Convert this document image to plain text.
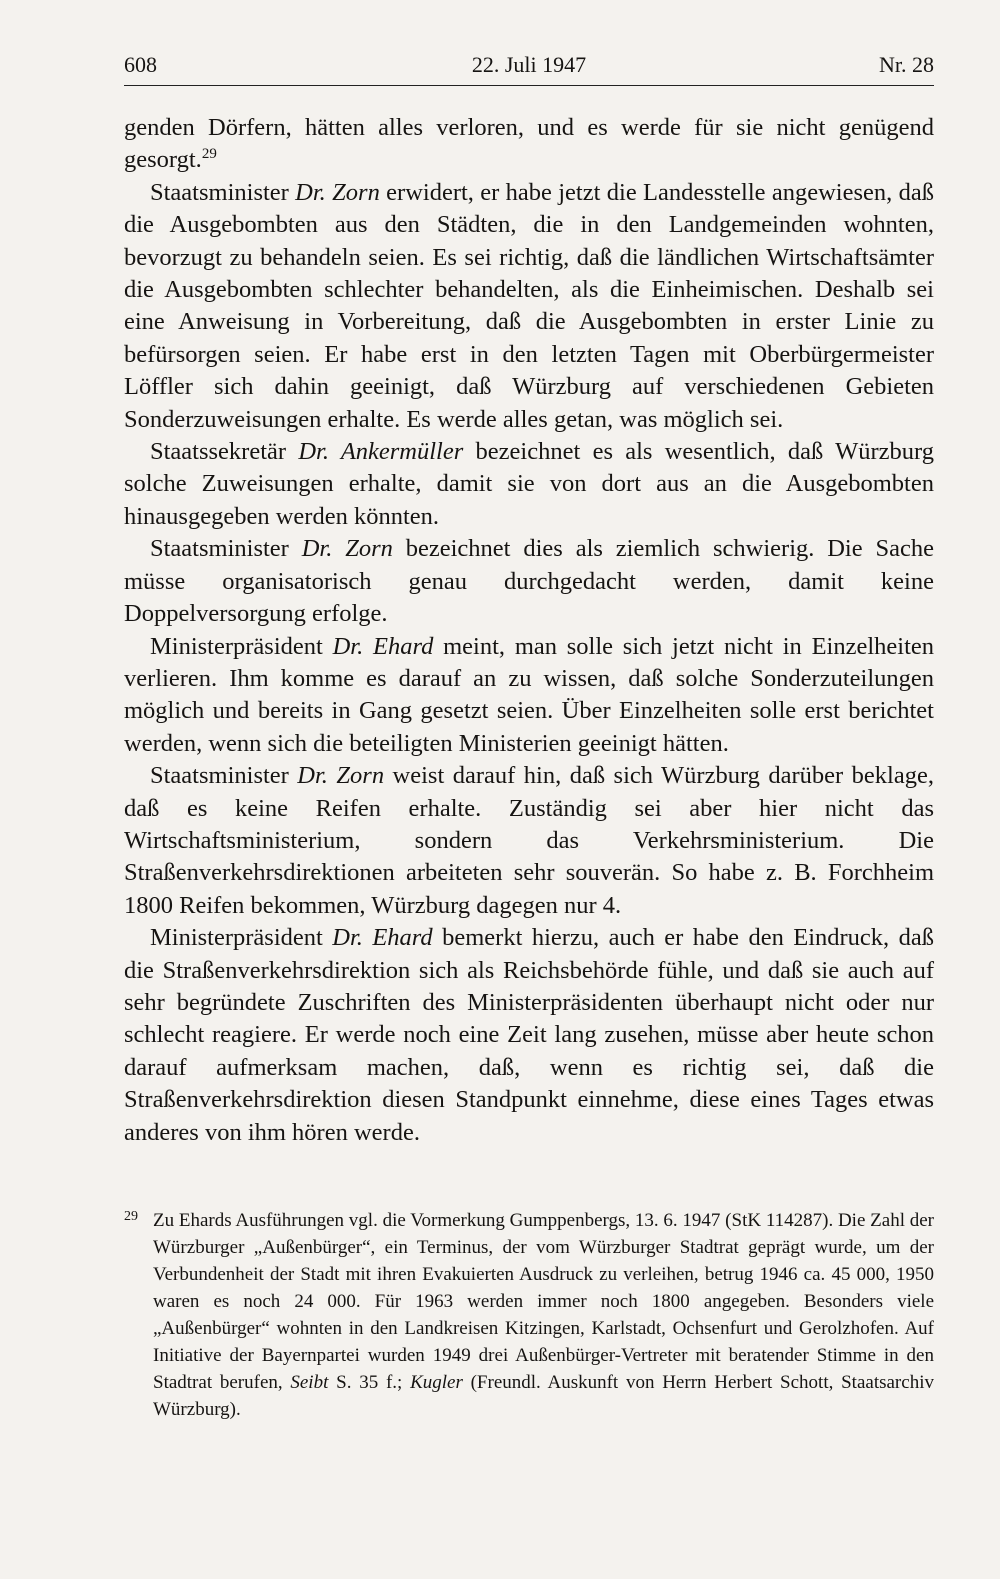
608	22. Juli 1947	Nr. 28

genden Dörfern, hätten alles verloren, und es werde für sie nicht genügend gesorgt.$^{29}$

Staatsminister Dr. Zorn erwidert, er habe jetzt die Landesstelle angewiesen, daß die Ausgebombten aus den Städten, die in den Landgemeinden wohnten, bevorzugt zu behandeln seien. Es sei richtig, daß die ländlichen Wirtschaftsämter die Ausgebombten schlechter behandelten, als die Einheimischen. Deshalb sei eine Anweisung in Vorbereitung, daß die Ausgebombten in erster Linie zu befürsorgen seien. Er habe erst in den letzten Tagen mit Oberbürgermeister Löffler sich dahin geeinigt, daß Würzburg auf verschiedenen Gebieten Sonderzuweisungen erhalte. Es werde alles getan, was möglich sei.

Staatssekretär Dr. Ankermüller bezeichnet es als wesentlich, daß Würzburg solche Zuweisungen erhalte, damit sie von dort aus an die Ausgebombten hinausgegeben werden könnten.

Staatsminister Dr. Zorn bezeichnet dies als ziemlich schwierig. Die Sache müsse organisatorisch genau durchgedacht werden, damit keine Doppelversorgung erfolge.

Ministerpräsident Dr. Ehard meint, man solle sich jetzt nicht in Einzelheiten verlieren. Ihm komme es darauf an zu wissen, daß solche Sonderzuteilungen möglich und bereits in Gang gesetzt seien. Über Einzelheiten solle erst berichtet werden, wenn sich die beteiligten Ministerien geeinigt hätten.

Staatsminister Dr. Zorn weist darauf hin, daß sich Würzburg darüber beklage, daß es keine Reifen erhalte. Zuständig sei aber hier nicht das Wirtschaftsministerium, sondern das Verkehrsministerium. Die Straßenverkehrsdirektionen arbeiteten sehr souverän. So habe z. B. Forchheim 1800 Reifen bekommen, Würzburg dagegen nur 4.

Ministerpräsident Dr. Ehard bemerkt hierzu, auch er habe den Eindruck, daß die Straßenverkehrsdirektion sich als Reichsbehörde fühle, und daß sie auch auf sehr begründete Zuschriften des Ministerpräsidenten überhaupt nicht oder nur schlecht reagiere. Er werde noch eine Zeit lang zusehen, müsse aber heute schon darauf aufmerksam machen, daß, wenn es richtig sei, daß die Straßenverkehrsdirektion diesen Standpunkt einnehme, diese eines Tages etwas anderes von ihm hören werde.

29 Zu Ehards Ausführungen vgl. die Vormerkung Gumppenbergs, 13. 6. 1947 (StK 114287). Die Zahl der Würzburger „Außenbürger“, ein Terminus, der vom Würzburger Stadtrat geprägt wurde, um der Verbundenheit der Stadt mit ihren Evakuierten Ausdruck zu verleihen, betrug 1946 ca. 45 000, 1950 waren es noch 24 000. Für 1963 werden immer noch 1800 angegeben. Besonders viele „Außenbürger“ wohnten in den Landkreisen Kitzingen, Karlstadt, Ochsenfurt und Gerolzhofen. Auf Initiative der Bayernpartei wurden 1949 drei Außenbürger-Vertreter mit beratender Stimme in den Stadtrat berufen, Seibt S. 35 f.; Kugler (Freundl. Auskunft von Herrn Herbert Schott, Staatsarchiv Würzburg).
